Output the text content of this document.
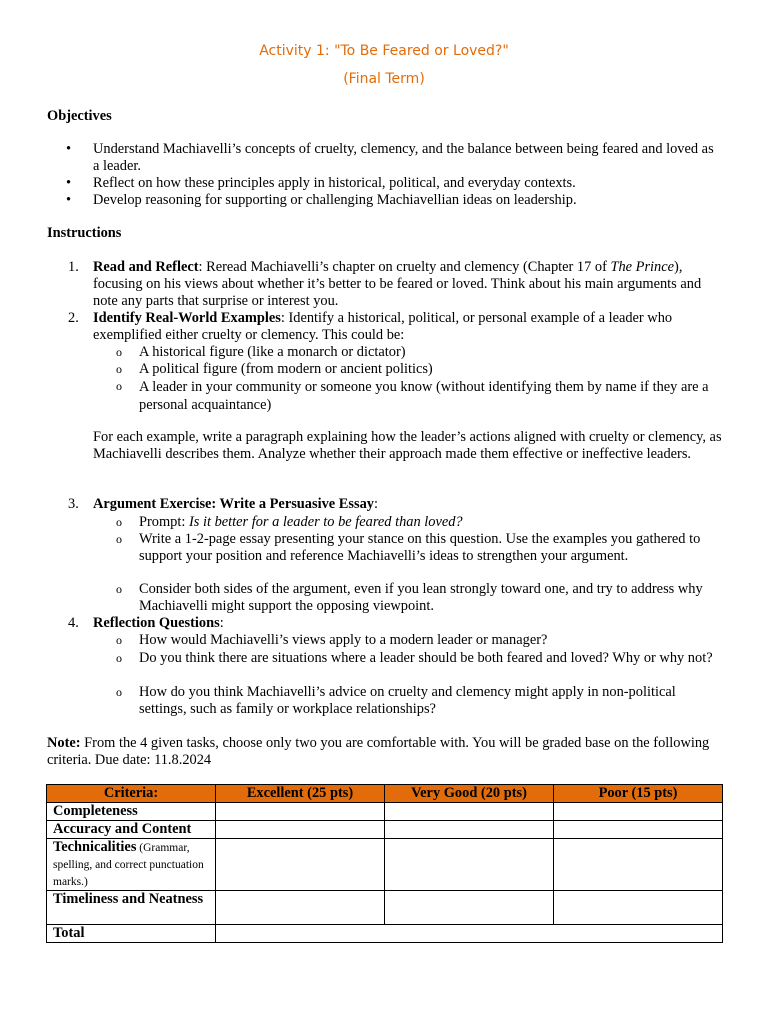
Activity 1: "To Be Feared or Loved?"
(Final Term)
Objectives
• Understand Machiavelli’s concepts of cruelty, clemency, and the balance between being feared and loved as a leader.
• Reflect on how these principles apply in historical, political, and everyday contexts.
• Develop reasoning for supporting or challenging Machiavellian ideas on leadership.
Instructions
1. Read and Reflect: Reread Machiavelli’s chapter on cruelty and clemency (Chapter 17 of The Prince), focusing on his views about whether it’s better to be feared or loved. Think about his main arguments and note any parts that surprise or interest you.
2. Identify Real-World Examples: Identify a historical, political, or personal example of a leader who exemplified either cruelty or clemency. This could be:
o A historical figure (like a monarch or dictator)
o A political figure (from modern or ancient politics)
o A leader in your community or someone you know (without identifying them by name if they are a personal acquaintance)
For each example, write a paragraph explaining how the leader’s actions aligned with cruelty or clemency, as Machiavelli describes them. Analyze whether their approach made them effective or ineffective leaders.
3. Argument Exercise: Write a Persuasive Essay:
o Prompt: Is it better for a leader to be feared than loved?
o Write a 1-2-page essay presenting your stance on this question. Use the examples you gathered to support your position and reference Machiavelli’s ideas to strengthen your argument.
o Consider both sides of the argument, even if you lean strongly toward one, and try to address why Machiavelli might support the opposing viewpoint.
4. Reflection Questions:
o How would Machiavelli’s views apply to a modern leader or manager?
o Do you think there are situations where a leader should be both feared and loved? Why or why not?
o How do you think Machiavelli’s advice on cruelty and clemency might apply in non-political settings, such as family or workplace relationships?
Note: From the 4 given tasks, choose only two you are comfortable with. You will be graded base on the following criteria. Due date: 11.8.2024
Criteria:	Excellent (25 pts)	Very Good (20 pts)	Poor (15 pts)
Completeness			
Accuracy and Content			
Technicalities (Grammar, spelling, and correct punctuation marks.)			
Timeliness and Neatness			
Total			
